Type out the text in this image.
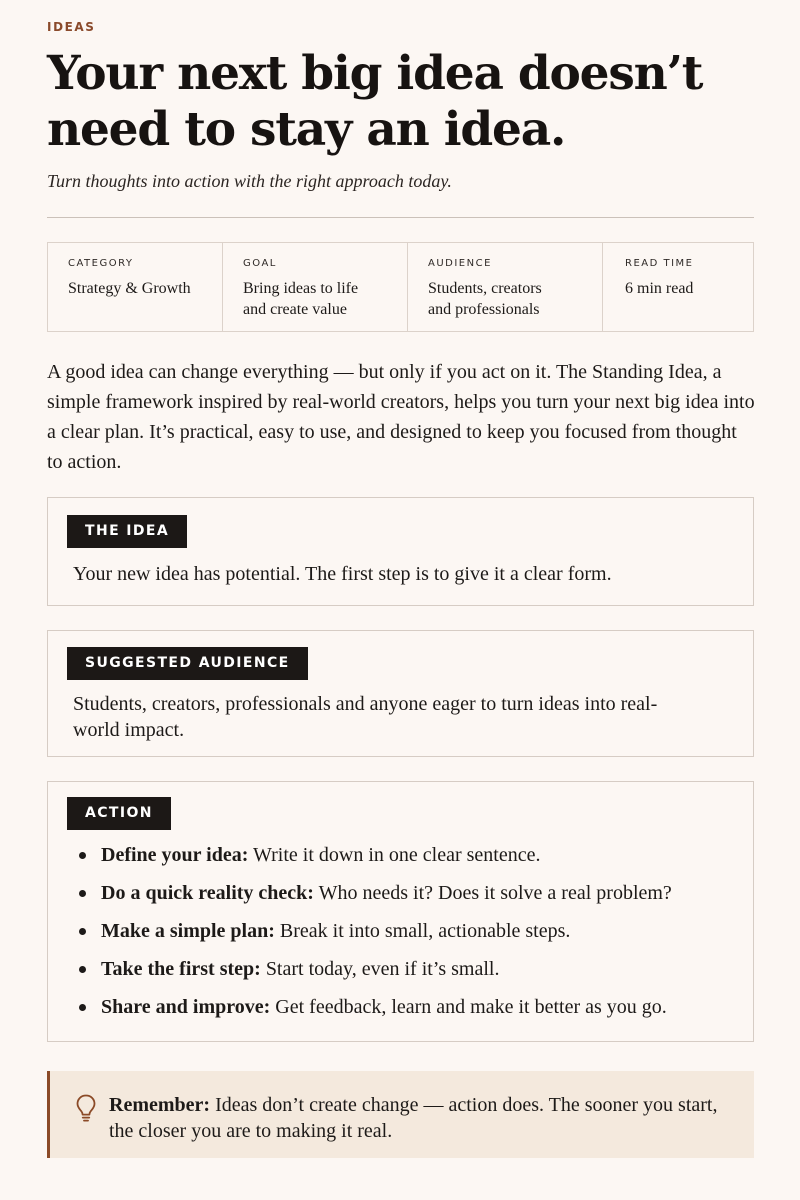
IDEAS
Your next big idea doesn’t need to stay an idea.
Turn thoughts into action with the right approach today.
CATEGORY
Strategy & Growth
GOAL
Bring ideas to life and create value
AUDIENCE
Students, creators and professionals
READ TIME
6 min read

A good idea can change everything — but only if you act on it. The Standing Idea, a simple framework inspired by real-world creators, helps you turn your next big idea into a clear plan. It’s practical, easy to use, and designed to keep you focused from thought to action.

THE IDEA

Your new idea has potential. The first step is to give it a clear form.

SUGGESTED AUDIENCE

Students, creators, professionals and anyone eager to turn ideas into real-world impact.

ACTION
Define your idea: Write it down in one clear sentence.
Do a quick reality check: Who needs it? Does it solve a real problem?
Make a simple plan: Break it into small, actionable steps.
Take the first step: Start today, even if it’s small.
Share and improve: Get feedback, learn and make it better as you go.

Remember: Ideas don’t create change — action does. The sooner you start, the closer you are to making it real.
